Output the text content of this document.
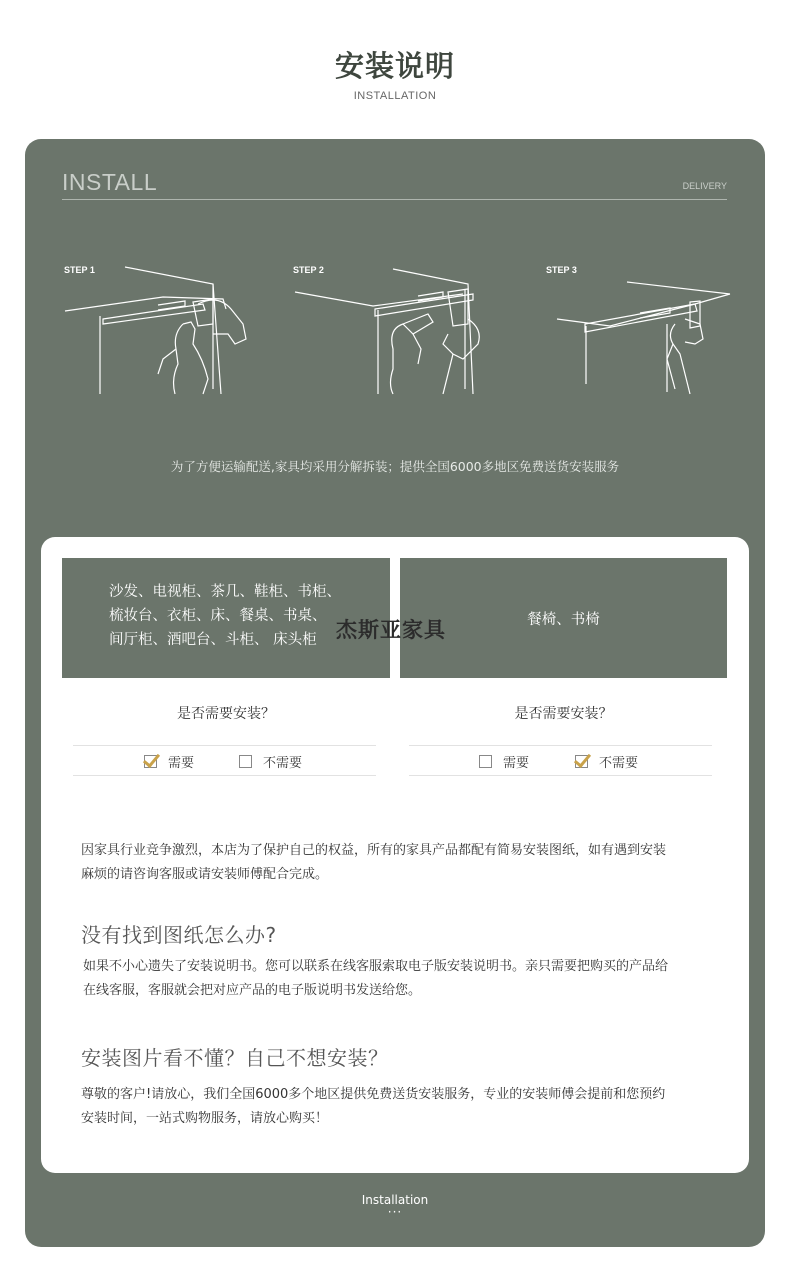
安装说明
INSTALLATION
INSTALL	DELIVERY
STEP 1	STEP 2	STEP 3
为了方便运输配送,家具均采用分解拆装；提供全国6000多地区免费送货安装服务
沙发、电视柜、茶几、鞋柜、书柜、
梳妆台、衣柜、床、餐桌、书桌、
间厅柜、酒吧台、斗柜、 床头柜
餐椅、书椅
杰斯亚家具
是否需要安装？	是否需要安装？
需要	不需要	需要	不需要
因家具行业竞争激烈，本店为了保护自己的权益，所有的家具产品都配有简易安装图纸，如有遇到安装
麻烦的请咨询客服或请安装师傅配合完成。
没有找到图纸怎么办?
如果不小心遗失了安装说明书。您可以联系在线客服索取电子版安装说明书。亲只需要把购买的产品给
在线客服，客服就会把对应产品的电子版说明书发送给您。
安装图片看不懂？自己不想安装？
尊敬的客户!请放心，我们全国6000多个地区提供免费送货安装服务，专业的安装师傅会提前和您预约
安装时间，一站式购物服务，请放心购买！
Installation
···
